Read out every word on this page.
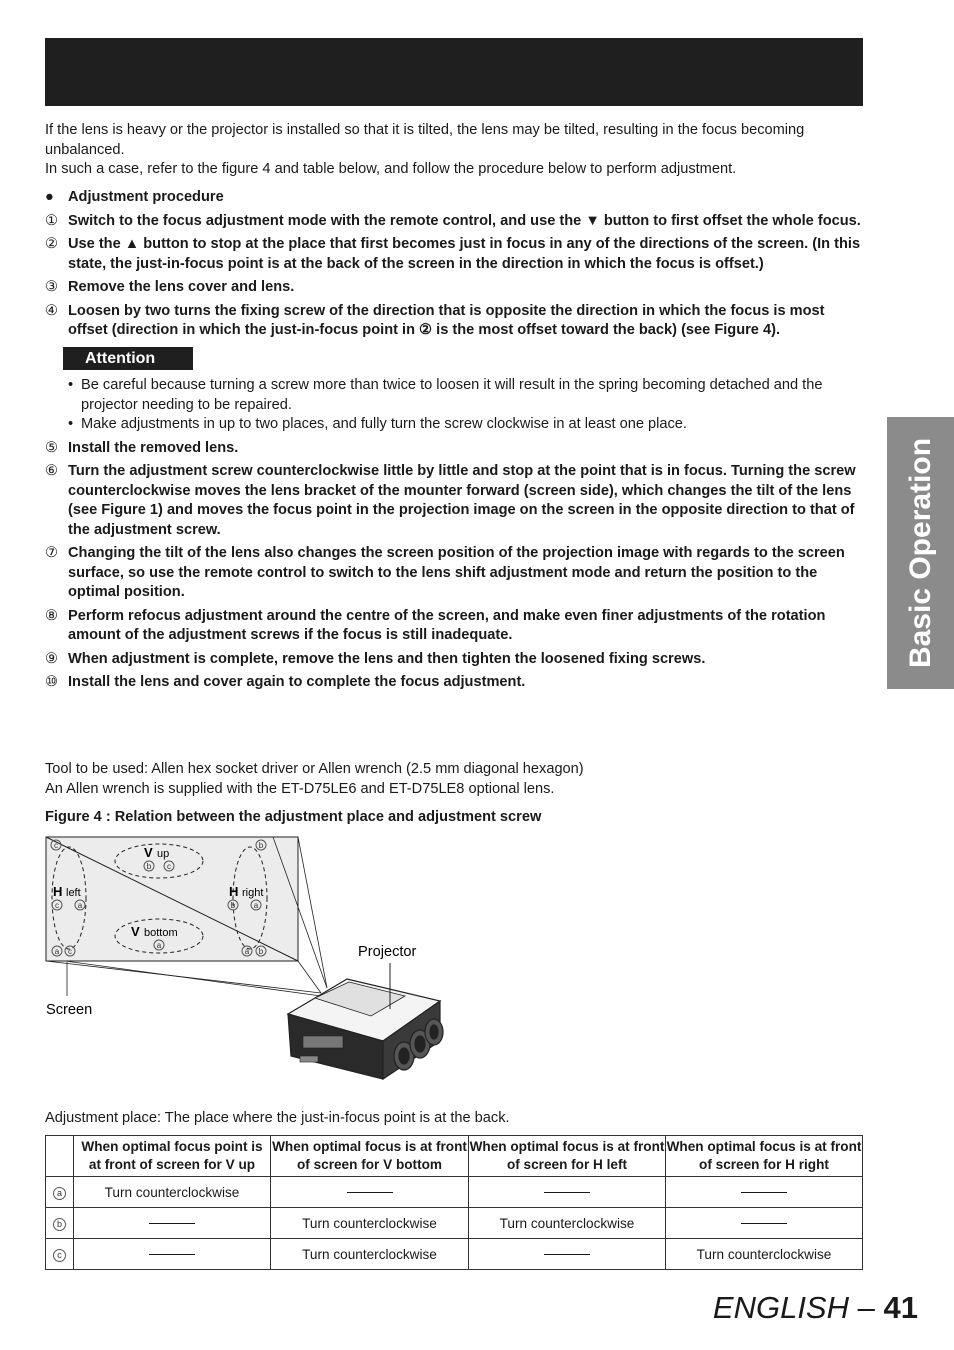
If the lens is heavy or the projector is installed so that it is tilted, the lens may be tilted, resulting in the focus becoming unbalanced.

In such a case, refer to the figure 4 and table below, and follow the procedure below to perform adjustment.

● Adjustment procedure
① Switch to the focus adjustment mode with the remote control, and use the ▼ button to first offset the whole focus.
② Use the ▲ button to stop at the place that first becomes just in focus in any of the directions of the screen. (In this state, the just-in-focus point is at the back of the screen in the direction in which the focus is offset.)
③ Remove the lens cover and lens.
④ Loosen by two turns the fixing screw of the direction that is opposite the direction in which the focus is most offset (direction in which the just-in-focus point in ② is the most offset toward the back) (see Figure 4).
Attention
• Be careful because turning a screw more than twice to loosen it will result in the spring becoming detached and the projector needing to be repaired.
• Make adjustments in up to two places, and fully turn the screw clockwise in at least one place.
⑤ Install the removed lens.
⑥ Turn the adjustment screw counterclockwise little by little and stop at the point that is in focus. Turning the screw counterclockwise moves the lens bracket of the mounter forward (screen side), which changes the tilt of the lens (see Figure 1) and moves the focus point in the projection image on the screen in the opposite direction to that of the adjustment screw.
⑦ Changing the tilt of the lens also changes the screen position of the projection image with regards to the screen surface, so use the remote control to switch to the lens shift adjustment mode and return the position to the optimal position.
⑧ Perform refocus adjustment around the centre of the screen, and make even finer adjustments of the rotation amount of the adjustment screws if the focus is still inadequate.
⑨ When adjustment is complete, remove the lens and then tighten the loosened fixing screws.
⑩ Install the lens and cover again to complete the focus adjustment.

Tool to be used: Allen hex socket driver or Allen wrench (2.5 mm diagonal hexagon)

An Allen wrench is supplied with the ET-D75LE6 and ET-D75LE8 optional lens.

Figure 4 : Relation between the adjustment place and adjustment screw
V up
V bottom
H left	H right
c	b
b c
c a	b a
a
a c	a b
Screen
Projector
Adjustment place: The place where the just-in-focus point is at the back.
	When optimal focus point is at front of screen for V up	When optimal focus is at front of screen for V bottom	When optimal focus is at front of screen for H left	When optimal focus is at front of screen for H right
a	Turn counterclockwise			
b		Turn counterclockwise	Turn counterclockwise	
c		Turn counterclockwise		Turn counterclockwise
Basic Operation
ENGLISH – 41
